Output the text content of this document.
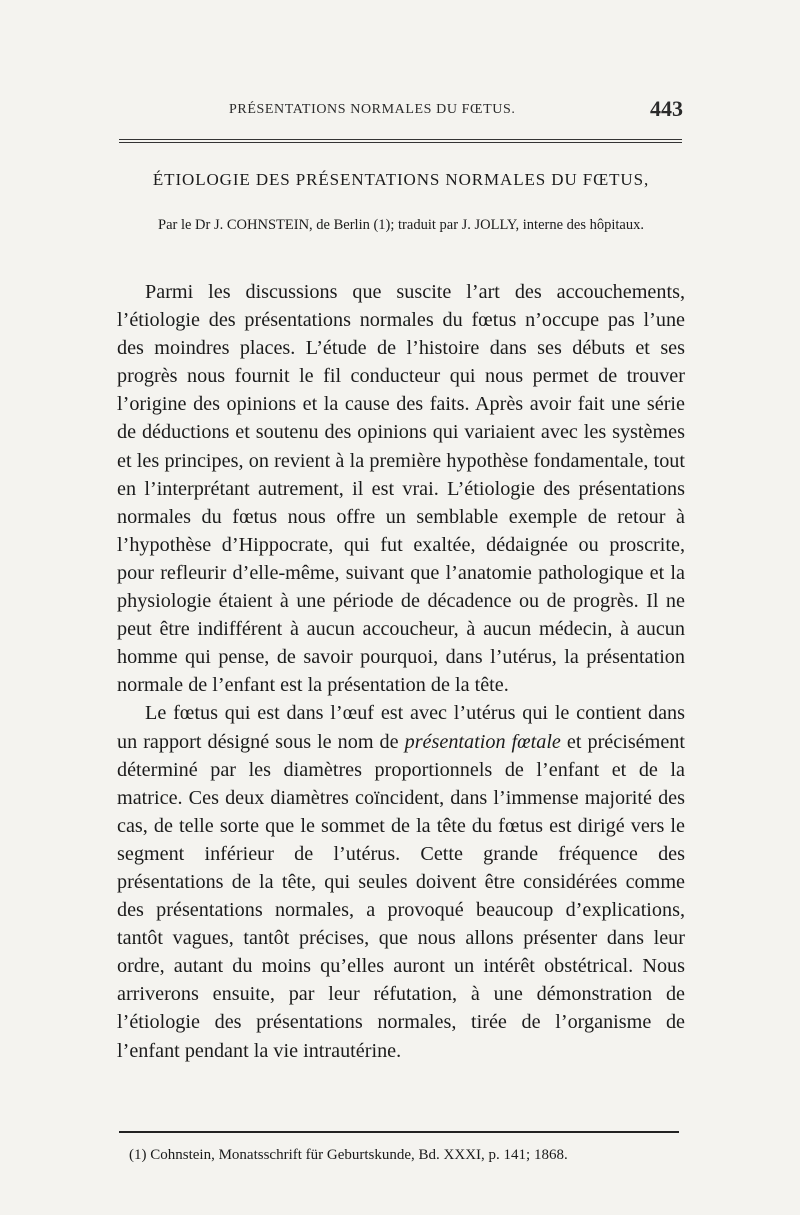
PRÉSENTATIONS NORMALES DU FŒTUS.	443
ÉTIOLOGIE DES PRÉSENTATIONS NORMALES DU FŒTUS,
Par le Dr J. COHNSTEIN, de Berlin (1); traduit par J. JOLLY, interne des hôpitaux.

Parmi les discussions que suscite l’art des accouchements, l’étiologie des présentations normales du fœtus n’occupe pas l’une des moindres places. L’étude de l’histoire dans ses débuts et ses progrès nous fournit le fil conducteur qui nous permet de trouver l’origine des opinions et la cause des faits. Après avoir fait une série de déductions et soutenu des opinions qui variaient avec les systèmes et les principes, on revient à la première hypothèse fondamentale, tout en l’interprétant autrement, il est vrai. L’étiologie des présentations normales du fœtus nous offre un semblable exemple de retour à l’hypothèse d’Hippocrate, qui fut exaltée, dédaignée ou proscrite, pour refleurir d’elle-même, suivant que l’anatomie pathologique et la physiologie étaient à une période de décadence ou de progrès. Il ne peut être indifférent à aucun accoucheur, à aucun médecin, à aucun homme qui pense, de savoir pourquoi, dans l’utérus, la présentation normale de l’enfant est la présentation de la tête.

Le fœtus qui est dans l’œuf est avec l’utérus qui le contient dans un rapport désigné sous le nom de présentation fœtale et précisément déterminé par les diamètres proportionnels de l’enfant et de la matrice. Ces deux diamètres coïncident, dans l’immense majorité des cas, de telle sorte que le sommet de la tête du fœtus est dirigé vers le segment inférieur de l’utérus. Cette grande fréquence des présentations de la tête, qui seules doivent être considérées comme des présentations normales, a provoqué beaucoup d’explications, tantôt vagues, tantôt précises, que nous allons présenter dans leur ordre, autant du moins qu’elles auront un intérêt obstétrical. Nous arriverons ensuite, par leur réfutation, à une démonstration de l’étiologie des présentations normales, tirée de l’organisme de l’enfant pendant la vie intrautérine.

(1) Cohnstein, Monatsschrift für Geburtskunde, Bd. XXXI, p. 141; 1868.
